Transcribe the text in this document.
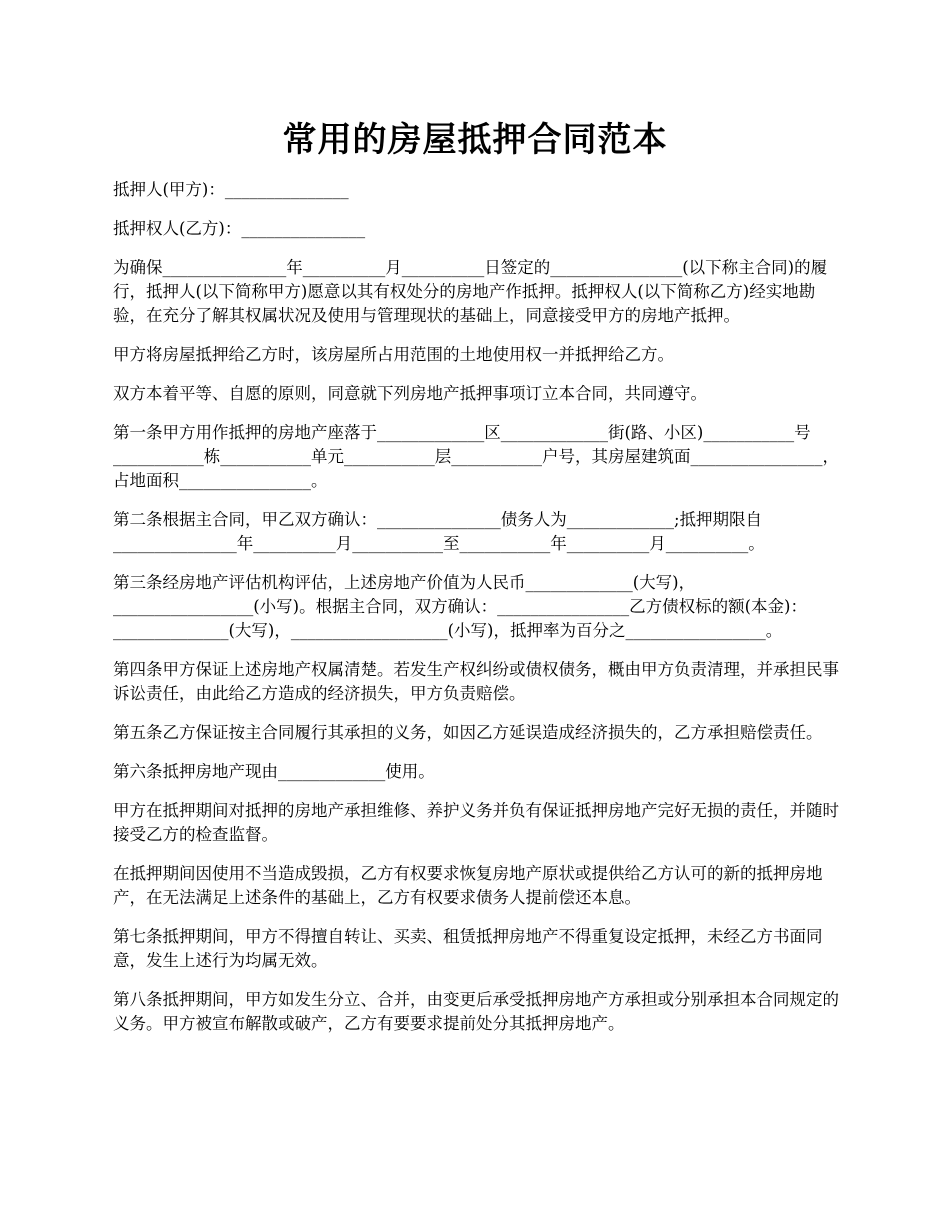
常用的房屋抵押合同范本

抵押人(甲方)：_______________

抵押权人(乙方)：_______________

为确保_______________年__________月__________日签定的________________(以下称主合同)的履行，抵押人(以下简称甲方)愿意以其有权处分的房地产作抵押。抵押权人(以下简称乙方)经实地勘验，在充分了解其权属状况及使用与管理现状的基础上，同意接受甲方的房地产抵押。

甲方将房屋抵押给乙方时，该房屋所占用范围的土地使用权一并抵押给乙方。

双方本着平等、自愿的原则，同意就下列房地产抵押事项订立本合同，共同遵守。

第一条甲方用作抵押的房地产座落于_____________区_____________街(路、小区)___________号___________栋___________单元___________层___________户号，其房屋建筑面________________，占地面积________________。

第二条根据主合同，甲乙双方确认：_______________债务人为_____________;抵押期限自_______________年__________月___________至___________年__________月__________。

第三条经房地产评估机构评估，上述房地产价值为人民币_____________(大写)，_________________(小写)。根据主合同，双方确认：________________乙方债权标的额(本金)：______________(大写)，___________________(小写)，抵押率为百分之_________________。

第四条甲方保证上述房地产权属清楚。若发生产权纠纷或债权债务，概由甲方负责清理，并承担民事诉讼责任，由此给乙方造成的经济损失，甲方负责赔偿。

第五条乙方保证按主合同履行其承担的义务，如因乙方延误造成经济损失的，乙方承担赔偿责任。

第六条抵押房地产现由_____________使用。

甲方在抵押期间对抵押的房地产承担维修、养护义务并负有保证抵押房地产完好无损的责任，并随时接受乙方的检查监督。

在抵押期间因使用不当造成毁损，乙方有权要求恢复房地产原状或提供给乙方认可的新的抵押房地产，在无法满足上述条件的基础上，乙方有权要求债务人提前偿还本息。

第七条抵押期间，甲方不得擅自转让、买卖、租赁抵押房地产不得重复设定抵押，未经乙方书面同意，发生上述行为均属无效。

第八条抵押期间，甲方如发生分立、合并，由变更后承受抵押房地产方承担或分别承担本合同规定的义务。甲方被宣布解散或破产，乙方有要要求提前处分其抵押房地产。
